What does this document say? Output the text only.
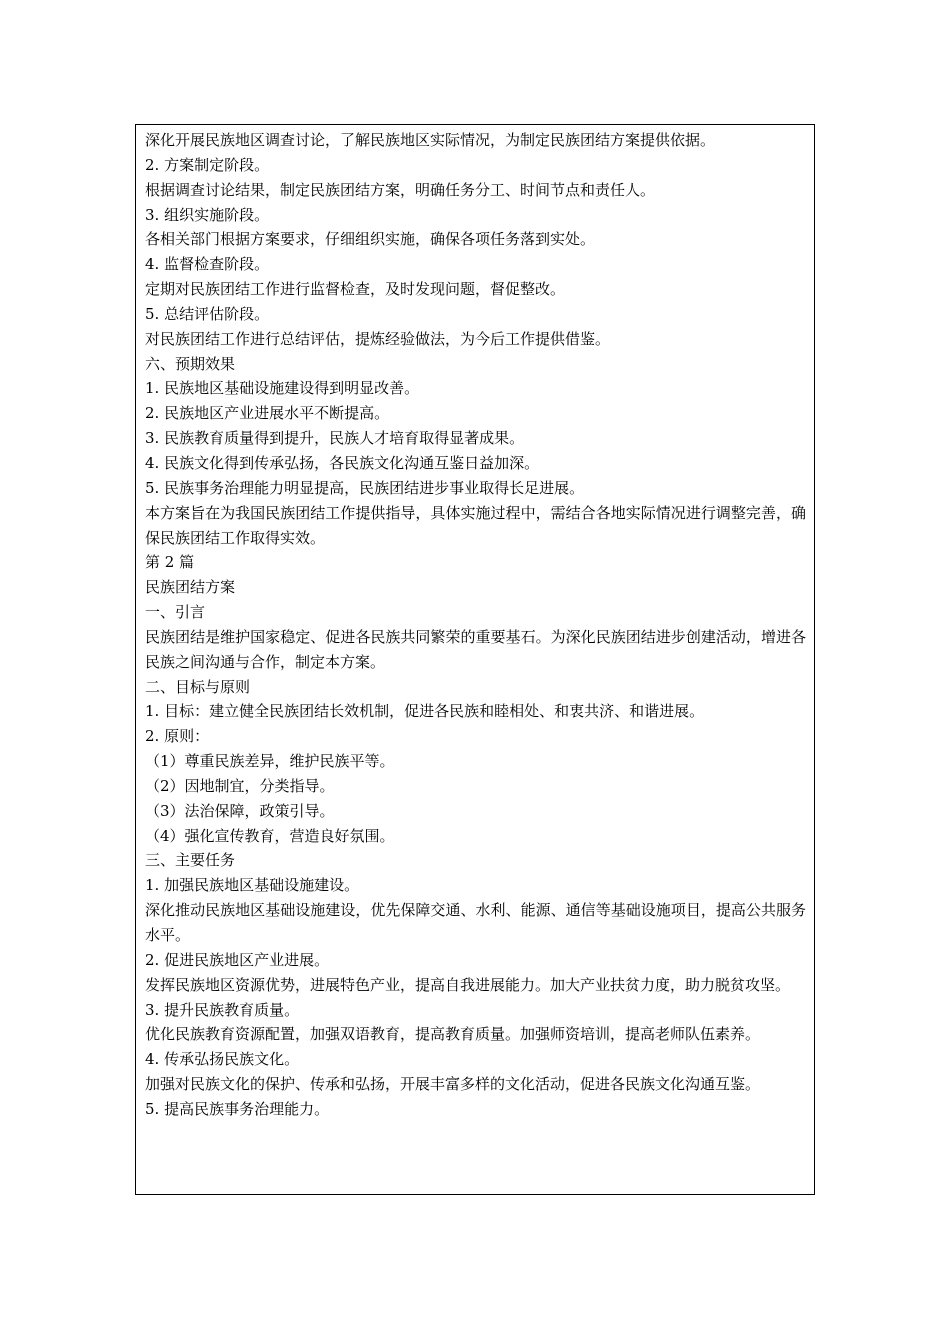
深化开展民族地区调查讨论，了解民族地区实际情况，为制定民族团结方案提供依据。

2. 方案制定阶段。

根据调查讨论结果，制定民族团结方案，明确任务分工、时间节点和责任人。

3. 组织实施阶段。

各相关部门根据方案要求，仔细组织实施，确保各项任务落到实处。

4. 监督检查阶段。

定期对民族团结工作进行监督检查，及时发现问题，督促整改。

5. 总结评估阶段。

对民族团结工作进行总结评估，提炼经验做法，为今后工作提供借鉴。

六、预期效果

1. 民族地区基础设施建设得到明显改善。

2. 民族地区产业进展水平不断提高。

3. 民族教育质量得到提升，民族人才培育取得显著成果。

4. 民族文化得到传承弘扬，各民族文化沟通互鉴日益加深。

5. 民族事务治理能力明显提高，民族团结进步事业取得长足进展。

本方案旨在为我国民族团结工作提供指导，具体实施过程中，需结合各地实际情况进行调整完善，确保民族团结工作取得实效。

第 2 篇

民族团结方案

一、引言

民族团结是维护国家稳定、促进各民族共同繁荣的重要基石。为深化民族团结进步创建活动，增进各民族之间沟通与合作，制定本方案。

二、目标与原则

1. 目标：建立健全民族团结长效机制，促进各民族和睦相处、和衷共济、和谐进展。

2. 原则：

（1）尊重民族差异，维护民族平等。

（2）因地制宜，分类指导。

（3）法治保障，政策引导。

（4）强化宣传教育，营造良好氛围。

三、主要任务

1. 加强民族地区基础设施建设。

深化推动民族地区基础设施建设，优先保障交通、水利、能源、通信等基础设施项目，提高公共服务水平。

2. 促进民族地区产业进展。

发挥民族地区资源优势，进展特色产业，提高自我进展能力。加大产业扶贫力度，助力脱贫攻坚。

3. 提升民族教育质量。

优化民族教育资源配置，加强双语教育，提高教育质量。加强师资培训，提高老师队伍素养。

4. 传承弘扬民族文化。

加强对民族文化的保护、传承和弘扬，开展丰富多样的文化活动，促进各民族文化沟通互鉴。

5. 提高民族事务治理能力。
